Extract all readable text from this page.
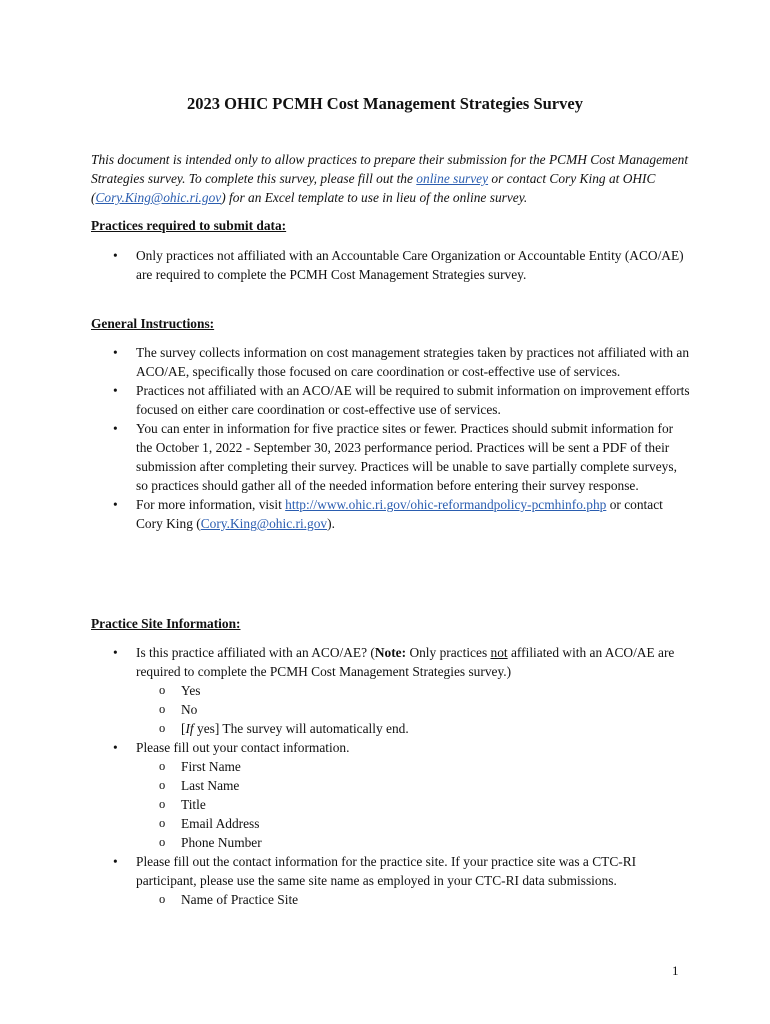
2023 OHIC PCMH Cost Management Strategies Survey
This document is intended only to allow practices to prepare their submission for the PCMH Cost Management Strategies survey. To complete this survey, please fill out the online survey or contact Cory King at OHIC (Cory.King@ohic.ri.gov) for an Excel template to use in lieu of the online survey.
Practices required to submit data:
• Only practices not affiliated with an Accountable Care Organization or Accountable Entity (ACO/AE) are required to complete the PCMH Cost Management Strategies survey.
General Instructions:
• The survey collects information on cost management strategies taken by practices not affiliated with an ACO/AE, specifically those focused on care coordination or cost-effective use of services.
• Practices not affiliated with an ACO/AE will be required to submit information on improvement efforts focused on either care coordination or cost-effective use of services.
• You can enter in information for five practice sites or fewer. Practices should submit information for the October 1, 2022 - September 30, 2023 performance period. Practices will be sent a PDF of their submission after completing their survey. Practices will be unable to save partially complete surveys, so practices should gather all of the needed information before entering their survey response.
• For more information, visit http://www.ohic.ri.gov/ohic-reformandpolicy-pcmhinfo.php or contact Cory King (Cory.King@ohic.ri.gov).
Practice Site Information:
• Is this practice affiliated with an ACO/AE? (Note: Only practices not affiliated with an ACO/AE are required to complete the PCMH Cost Management Strategies survey.)
o Yes
o No
o [If yes] The survey will automatically end.
• Please fill out your contact information.
o First Name
o Last Name
o Title
o Email Address
o Phone Number
• Please fill out the contact information for the practice site. If your practice site was a CTC-RI participant, please use the same site name as employed in your CTC-RI data submissions.
o Name of Practice Site
1
